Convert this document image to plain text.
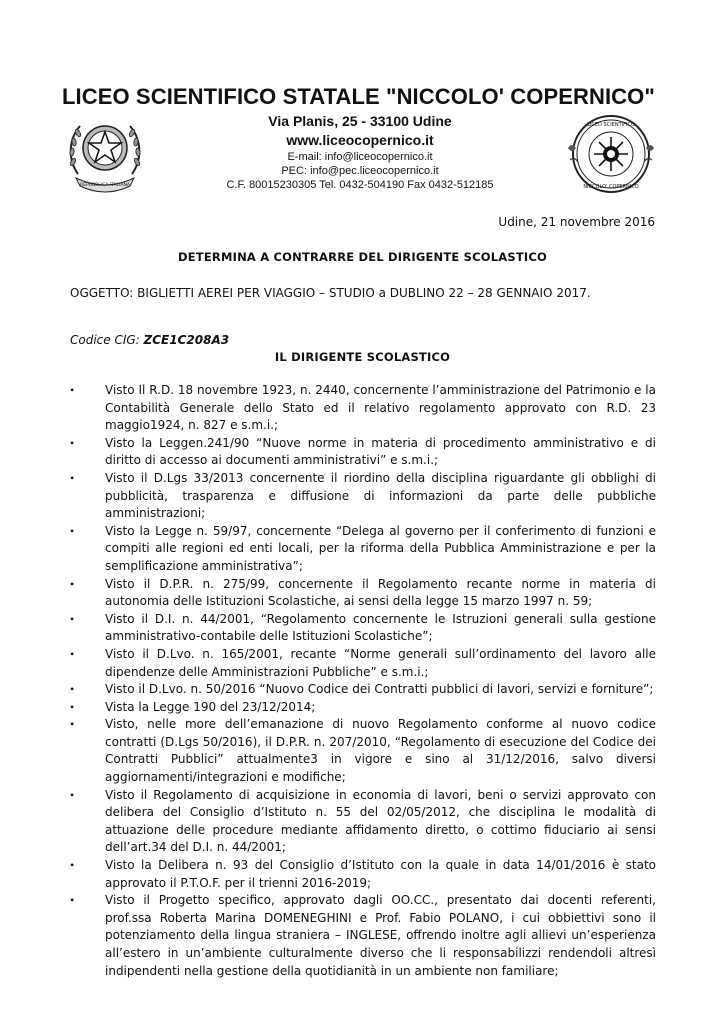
LICEO SCIENTIFICO STATALE "NICCOLO' COPERNICO"
REPUBBLICA ITALIANA
Via Planis, 25 - 33100 Udine
www.liceocopernico.it
E-mail: info@liceocopernico.it
PEC: info@pec.liceocopernico.it
C.F. 80015230305 Tel. 0432-504190 Fax 0432-512185
LICEO SCIENTIFICO
NICCOLO' COPERNICO
Udine, 21 novembre 2016
DETERMINA A CONTRARRE DEL DIRIGENTE SCOLASTICO
OGGETTO: BIGLIETTI AEREI PER VIAGGIO – STUDIO a DUBLINO 22 – 28 GENNAIO 2017.
Codice CIG: ZCE1C208A3
IL DIRIGENTE SCOLASTICO
•	Visto Il R.D. 18 novembre 1923, n. 2440, concernente l’amministrazione del Patrimonio e la Contabilità Generale dello Stato ed il relativo regolamento approvato con R.D. 23 maggio1924, n. 827 e s.m.i.;
•	Visto la Leggen.241/90 “Nuove norme in materia di procedimento amministrativo e di diritto di accesso ai documenti amministrativi” e s.m.i.;
•	Visto il D.Lgs 33/2013 concernente il riordino della disciplina riguardante gli obblighi di pubblicità, trasparenza e diffusione di informazioni da parte delle pubbliche amministrazioni;
•	Visto la Legge n. 59/97, concernente “Delega al governo per il conferimento di funzioni e compiti alle regioni ed enti locali, per la riforma della Pubblica Amministrazione e per la semplificazione amministrativa”;
•	Visto il D.P.R. n. 275/99, concernente il Regolamento recante norme in materia di autonomia delle Istituzioni Scolastiche, ai sensi della legge 15 marzo 1997 n. 59;
•	Visto il D.I. n. 44/2001, “Regolamento concernente le Istruzioni generali sulla gestione amministrativo-contabile delle Istituzioni Scolastiche”;
•	Visto il D.Lvo. n. 165/2001, recante “Norme generali sull’ordinamento del lavoro alle dipendenze delle Amministrazioni Pubbliche” e s.m.i.;
•	Visto il D.Lvo. n. 50/2016 “Nuovo Codice dei Contratti pubblici di lavori, servizi e forniture”;
•	Vista la Legge 190 del 23/12/2014;
•	Visto, nelle more dell’emanazione di nuovo Regolamento conforme al nuovo codice contratti (D.Lgs 50/2016), il D.P.R. n. 207/2010, “Regolamento di esecuzione del Codice dei Contratti Pubblici” attualmente3 in vigore e sino al 31/12/2016, salvo diversi aggiornamenti/integrazioni e modifiche;
•	Visto il Regolamento di acquisizione in economia di lavori, beni o servizi approvato con delibera del Consiglio d’Istituto n. 55 del 02/05/2012, che disciplina le modalità di attuazione delle procedure mediante affidamento diretto, o cottimo fiduciario ai sensi dell’art.34 del D.I. n. 44/2001;
•	Visto la Delibera n. 93 del Consiglio d’Istituto con la quale in data 14/01/2016 è stato approvato il P.T.O.F. per il trienni 2016-2019;
•	Visto il Progetto specifico, approvato dagli OO.CC., presentato dai docenti referenti, prof.ssa Roberta Marina DOMENEGHINI e Prof. Fabio POLANO, i cui obbiettivi sono il potenziamento della lingua straniera – INGLESE, offrendo inoltre agli allievi un’esperienza all’estero in un’ambiente culturalmente diverso che li responsabilizzi rendendoli altresì indipendenti nella gestione della quotidianità in un ambiente non familiare;
